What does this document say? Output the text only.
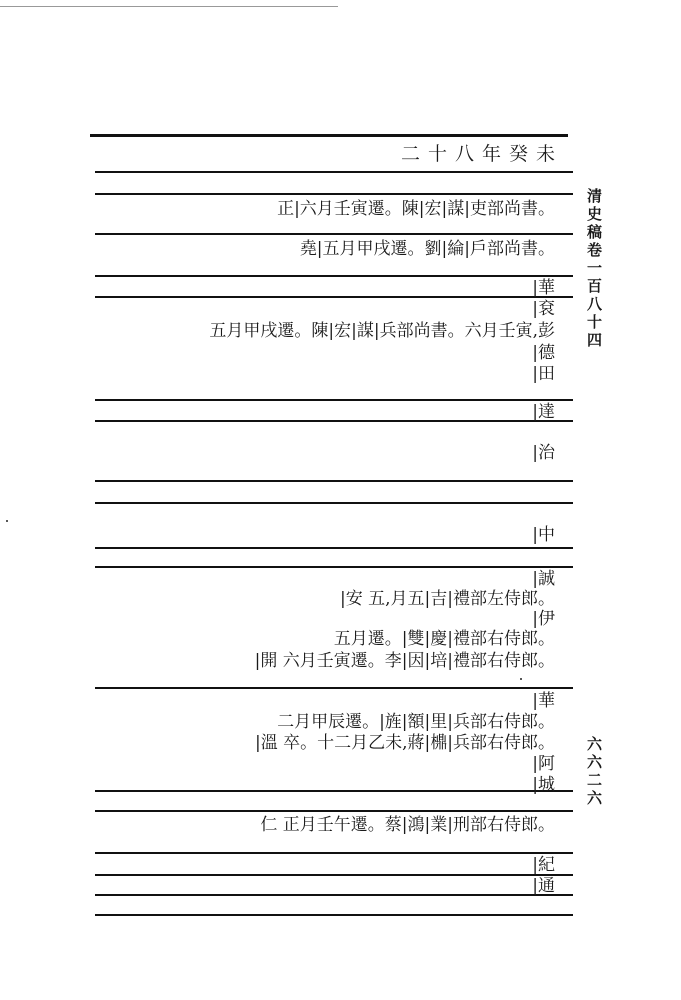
二十八年癸未
正|六月壬寅遷。陳|宏|謀|吏部尚書。
堯|五月甲戌遷。劉|綸|戶部尚書。
|華
|袞
五月甲戌遷。陳|宏|謀|兵部尚書。六月壬寅,彭
|德
|田
|達
|治
|中
|誠
|安 五,月五|吉|禮部左侍郎。
|伊
五月遷。|雙|慶|禮部右侍郎。
|開 六月壬寅遷。李|因|培|禮部右侍郎。
|華
二月甲辰遷。|旌|額|里|兵部右侍郎。
|溫 卒。十二月乙未,蔣|檙|兵部右侍郎。
|阿
|城
仁 正月壬午遷。蔡|鴻|業|刑部右侍郎。
|紀
|通
清史稿卷一百八十四
六六二六
